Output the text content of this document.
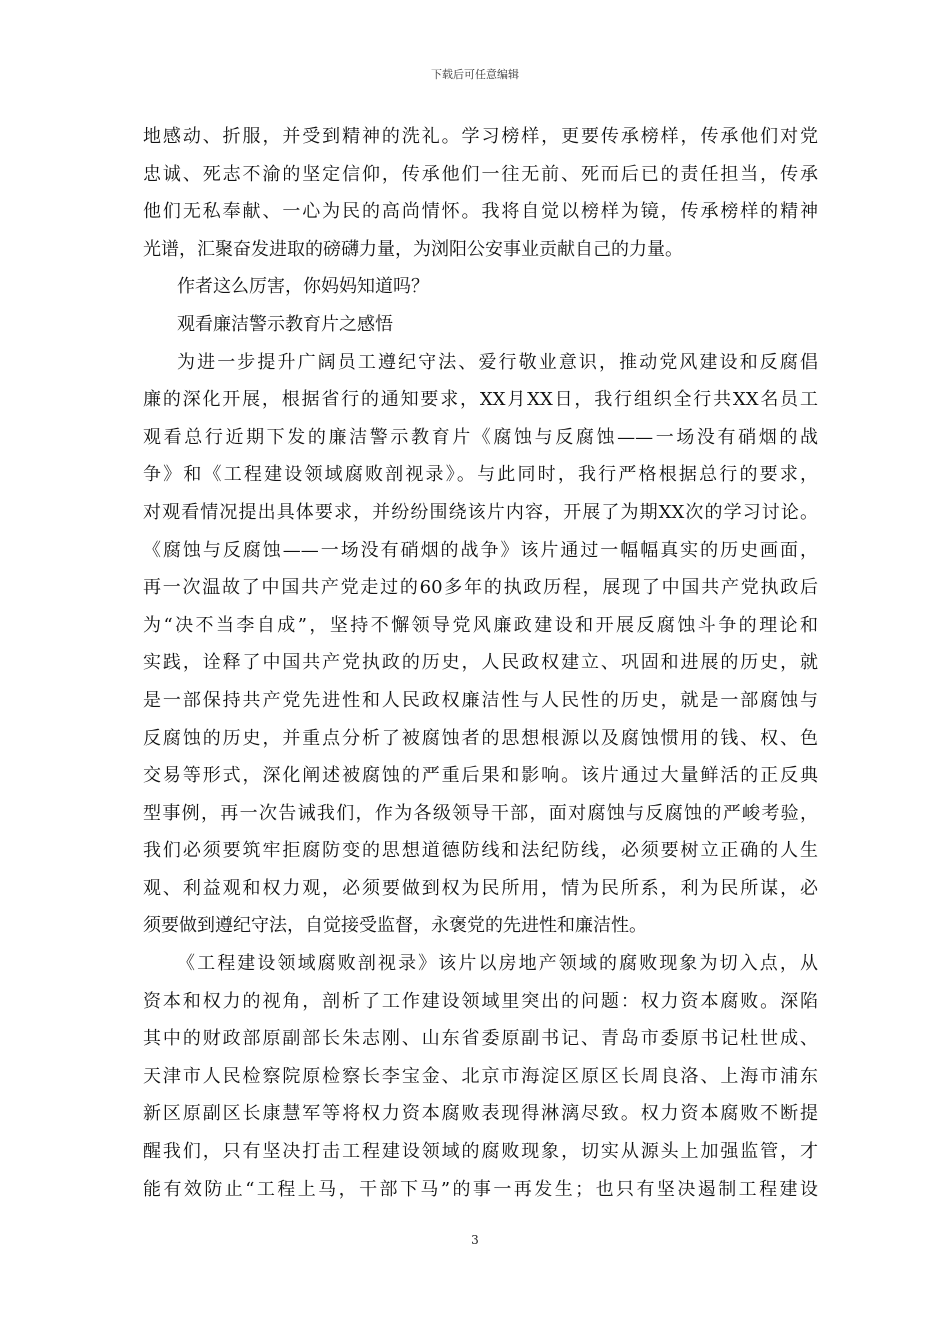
下载后可任意编辑
地感动、折服，并受到精神的洗礼。学习榜样，更要传承榜样，传承他们对党
忠诚、死志不渝的坚定信仰，传承他们一往无前、死而后已的责任担当，传承
他们无私奉献、一心为民的高尚情怀。我将自觉以榜样为镜，传承榜样的精神
光谱，汇聚奋发进取的磅礴力量，为浏阳公安事业贡献自己的力量。
作者这么厉害，你妈妈知道吗？
观看廉洁警示教育片之感悟
为进一步提升广阔员工遵纪守法、爱行敬业意识，推动党风建设和反腐倡
廉的深化开展，根据省行的通知要求，XX月XX日，我行组织全行共XX名员工
观看总行近期下发的廉洁警示教育片《腐蚀与反腐蚀——一场没有硝烟的战
争》和《工程建设领域腐败剖视录》。与此同时，我行严格根据总行的要求，
对观看情况提出具体要求，并纷纷围绕该片内容，开展了为期XX次的学习讨论。
《腐蚀与反腐蚀——一场没有硝烟的战争》该片通过一幅幅真实的历史画面，
再一次温故了中国共产党走过的60多年的执政历程，展现了中国共产党执政后
为“决不当李自成”，坚持不懈领导党风廉政建设和开展反腐蚀斗争的理论和
实践，诠释了中国共产党执政的历史，人民政权建立、巩固和进展的历史，就
是一部保持共产党先进性和人民政权廉洁性与人民性的历史，就是一部腐蚀与
反腐蚀的历史，并重点分析了被腐蚀者的思想根源以及腐蚀惯用的钱、权、色
交易等形式，深化阐述被腐蚀的严重后果和影响。该片通过大量鲜活的正反典
型事例，再一次告诫我们，作为各级领导干部，面对腐蚀与反腐蚀的严峻考验，
我们必须要筑牢拒腐防变的思想道德防线和法纪防线，必须要树立正确的人生
观、利益观和权力观，必须要做到权为民所用，情为民所系，利为民所谋，必
须要做到遵纪守法，自觉接受监督，永褒党的先进性和廉洁性。
《工程建设领域腐败剖视录》该片以房地产领域的腐败现象为切入点，从
资本和权力的视角，剖析了工作建设领域里突出的问题：权力资本腐败。深陷
其中的财政部原副部长朱志刚、山东省委原副书记、青岛市委原书记杜世成、
天津市人民检察院原检察长李宝金、北京市海淀区原区长周良洛、上海市浦东
新区原副区长康慧军等将权力资本腐败表现得淋漓尽致。权力资本腐败不断提
醒我们，只有坚决打击工程建设领域的腐败现象，切实从源头上加强监管，才
能有效防止“工程上马，干部下马”的事一再发生；也只有坚决遏制工程建设
3
